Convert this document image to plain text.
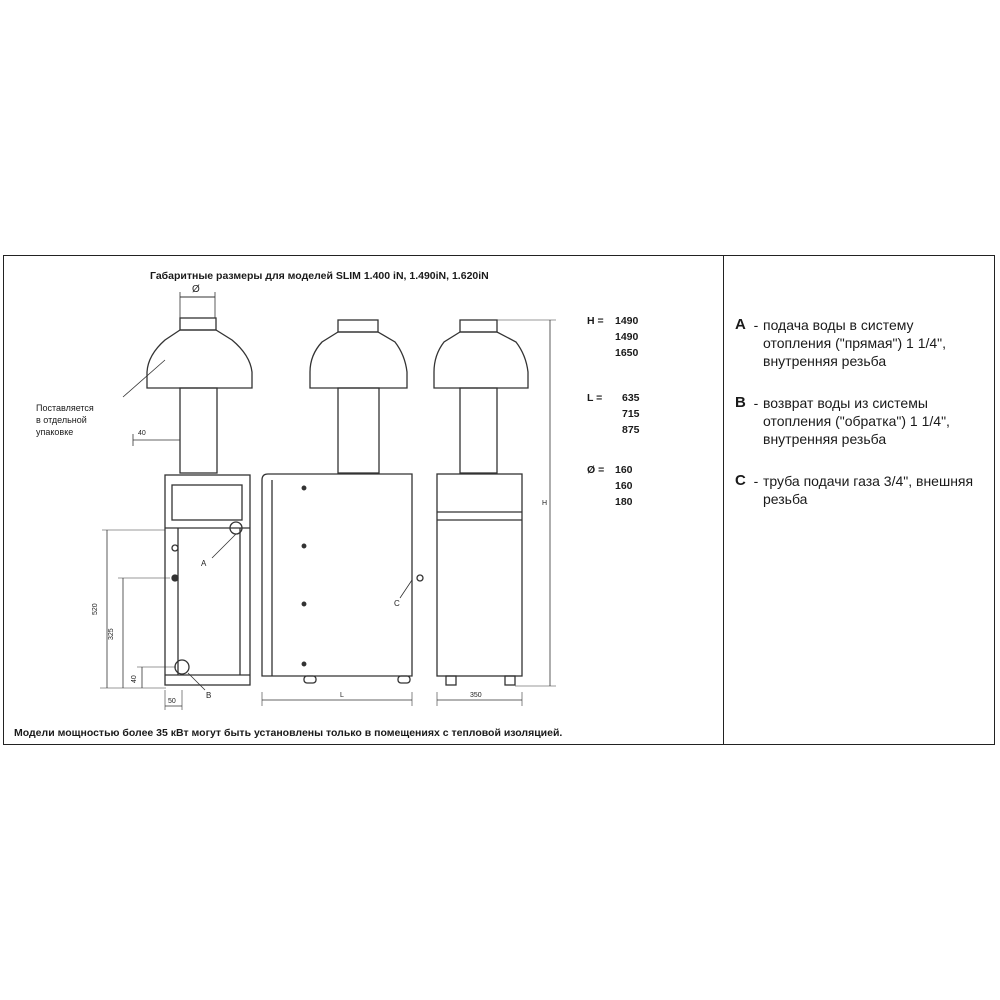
Габаритные размеры для моделей SLIM 1.400 iN, 1.490iN, 1.620iN
Ø
A
B
40
520
325
40
50
C
L	350
H
Поставляется
в отдельной
упаковке
H =	1490
1490
1650
L =	635
715
875
Ø =	160
160
180
A - подача воды в систему отопления ("прямая") 1 1/4", внутренняя резьба
B - возврат воды из системы отопления ("обратка") 1 1/4", внутренняя резьба
C - труба подачи газа 3/4", внешняя резьба
Модели мощностью более 35 кВт могут быть установлены только в помещениях с тепловой изоляцией.
